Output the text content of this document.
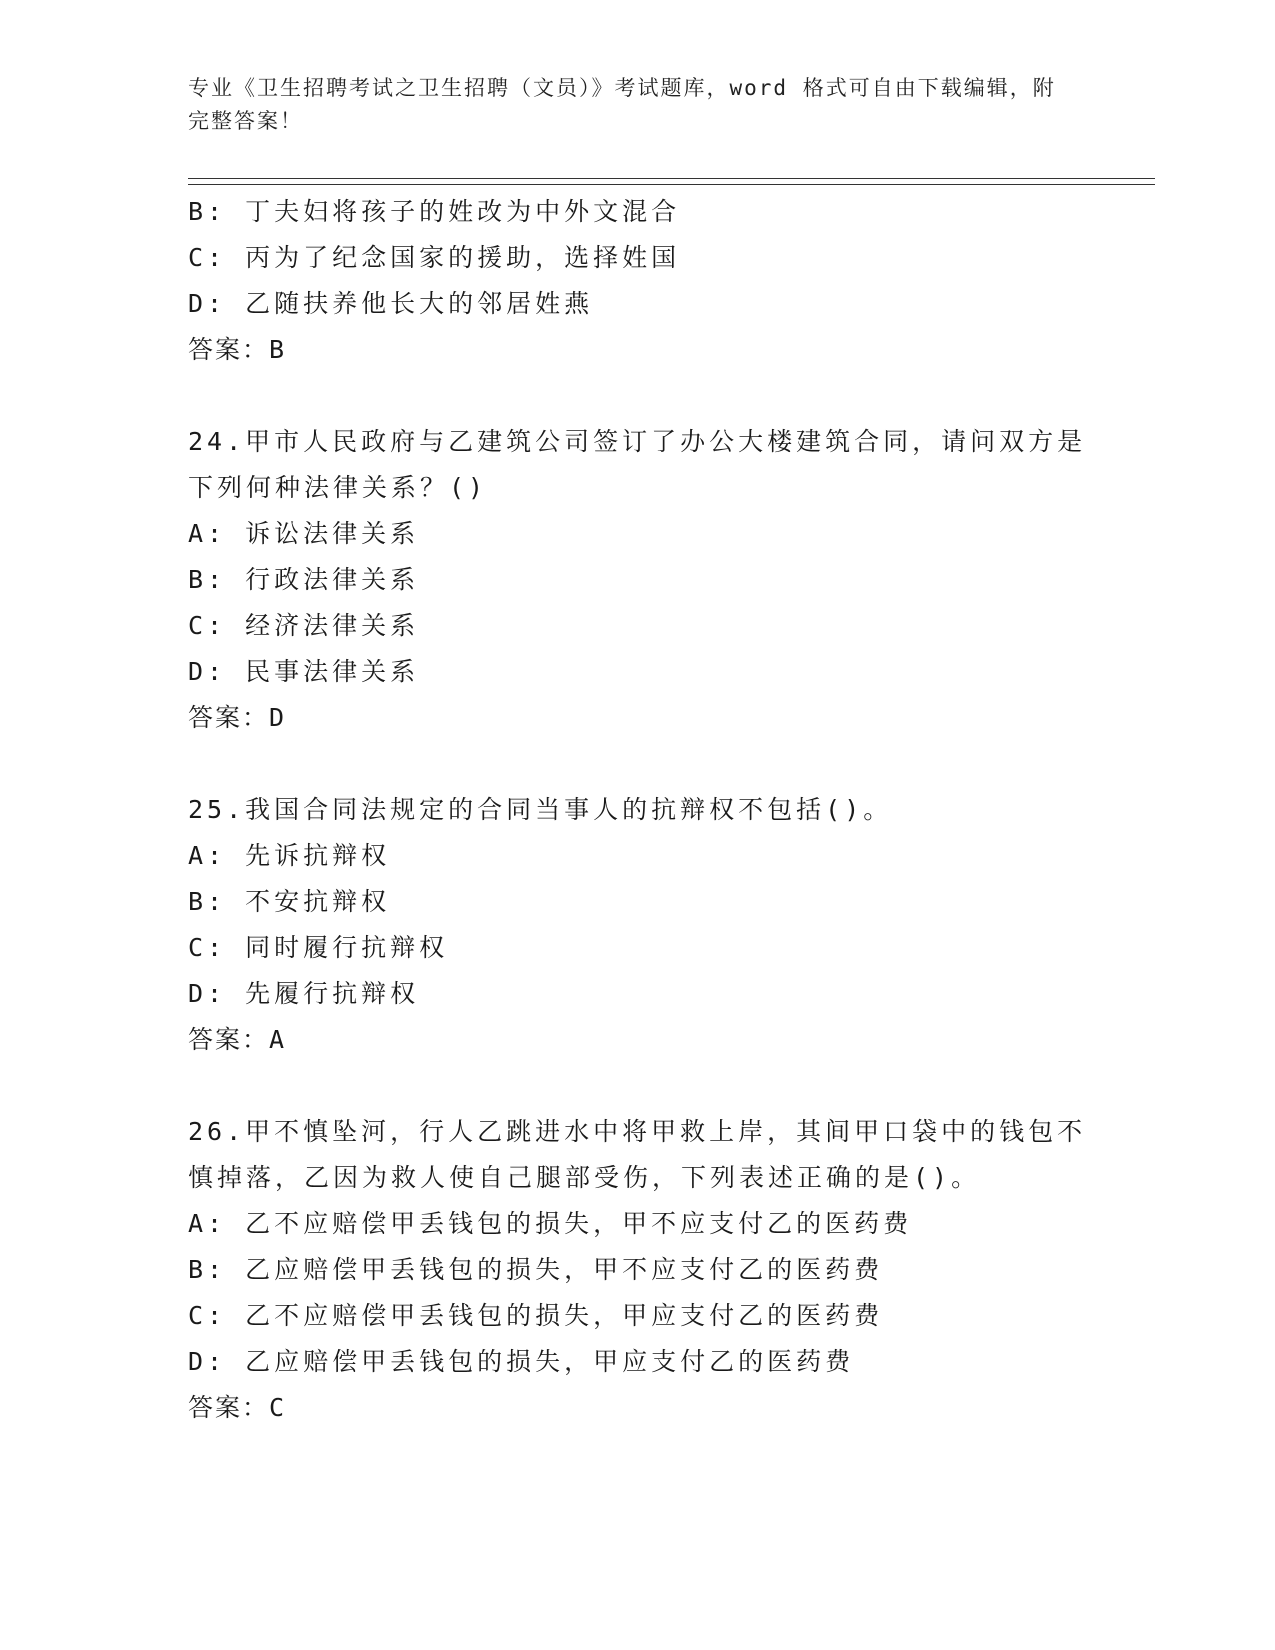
专业《卫生招聘考试之卫生招聘（文员）》考试题库，word 格式可自由下载编辑，附完整答案！
B: 丁夫妇将孩子的姓改为中外文混合
C: 丙为了纪念国家的援助，选择姓国
D: 乙随扶养他长大的邻居姓燕
答案：B
24.甲市人民政府与乙建筑公司签订了办公大楼建筑合同，请问双方是下列何种法律关系？()
A: 诉讼法律关系
B: 行政法律关系
C: 经济法律关系
D: 民事法律关系
答案：D
25.我国合同法规定的合同当事人的抗辩权不包括()。
A: 先诉抗辩权
B: 不安抗辩权
C: 同时履行抗辩权
D: 先履行抗辩权
答案：A
26.甲不慎坠河，行人乙跳进水中将甲救上岸，其间甲口袋中的钱包不慎掉落，乙因为救人使自己腿部受伤，下列表述正确的是()。
A: 乙不应赔偿甲丢钱包的损失，甲不应支付乙的医药费
B: 乙应赔偿甲丢钱包的损失，甲不应支付乙的医药费
C: 乙不应赔偿甲丢钱包的损失，甲应支付乙的医药费
D: 乙应赔偿甲丢钱包的损失，甲应支付乙的医药费
答案：C
